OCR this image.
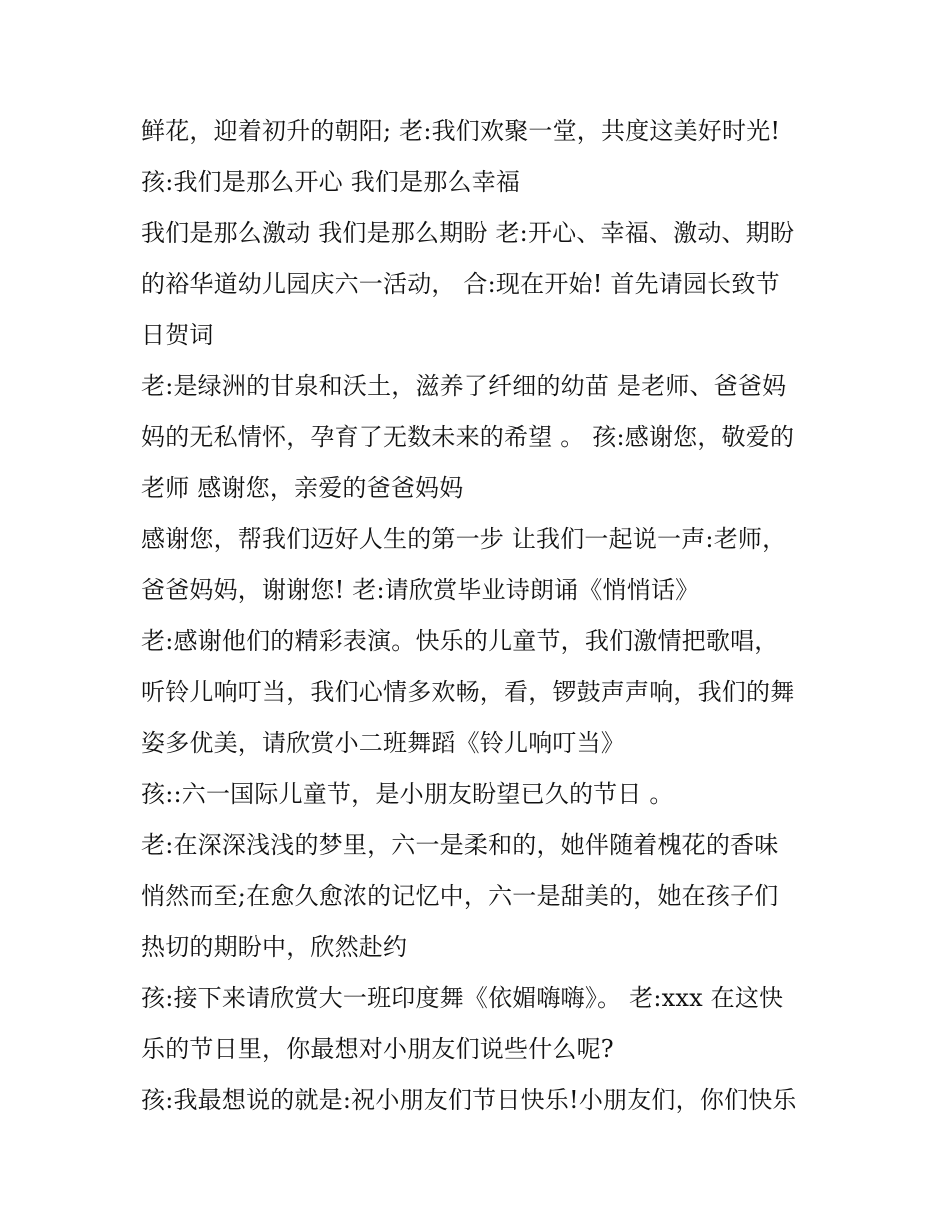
鲜花，迎着初升的朝阳; 老:我们欢聚一堂，共度这美好时光!
孩:我们是那么开心 我们是那么幸福
我们是那么激动 我们是那么期盼 老:开心、幸福、激动、期盼
的裕华道幼儿园庆六一活动， 合:现在开始! 首先请园长致节
日贺词
老:是绿洲的甘泉和沃土，滋养了纤细的幼苗 是老师、爸爸妈
妈的无私情怀，孕育了无数未来的希望 。 孩:感谢您，敬爱的
老师 感谢您，亲爱的爸爸妈妈
感谢您，帮我们迈好人生的第一步 让我们一起说一声:老师，
爸爸妈妈，谢谢您! 老:请欣赏毕业诗朗诵《悄悄话》
老:感谢他们的精彩表演。快乐的儿童节，我们激情把歌唱，
听铃儿响叮当，我们心情多欢畅，看，锣鼓声声响，我们的舞
姿多优美，请欣赏小二班舞蹈《铃儿响叮当》
孩::六一国际儿童节，是小朋友盼望已久的节日 。
老:在深深浅浅的梦里，六一是柔和的，她伴随着槐花的香味
悄然而至;在愈久愈浓的记忆中，六一是甜美的，她在孩子们
热切的期盼中，欣然赴约
孩:接下来请欣赏大一班印度舞《依媚嗨嗨》。 老:xxx 在这快
乐的节日里，你最想对小朋友们说些什么呢?
孩:我最想说的就是:祝小朋友们节日快乐!小朋友们，你们快乐
